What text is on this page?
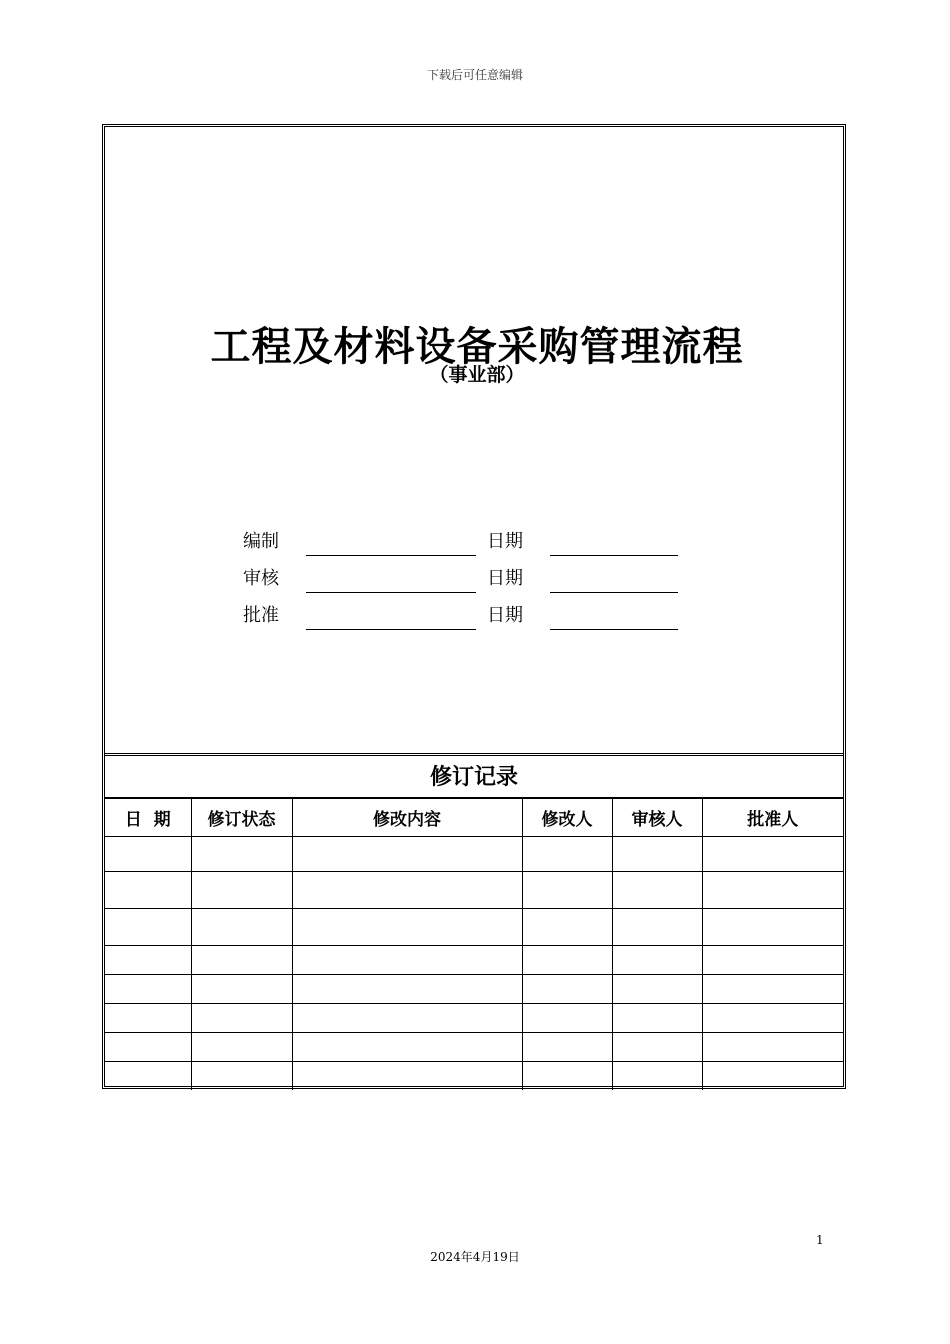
下载后可任意编辑
工程及材料设备采购管理流程
（事业部）
编制	日期
审核	日期
批准	日期
修订记录
日  期	修订状态	修改内容	修改人	审核人	批准人

1
2024年4月19日
